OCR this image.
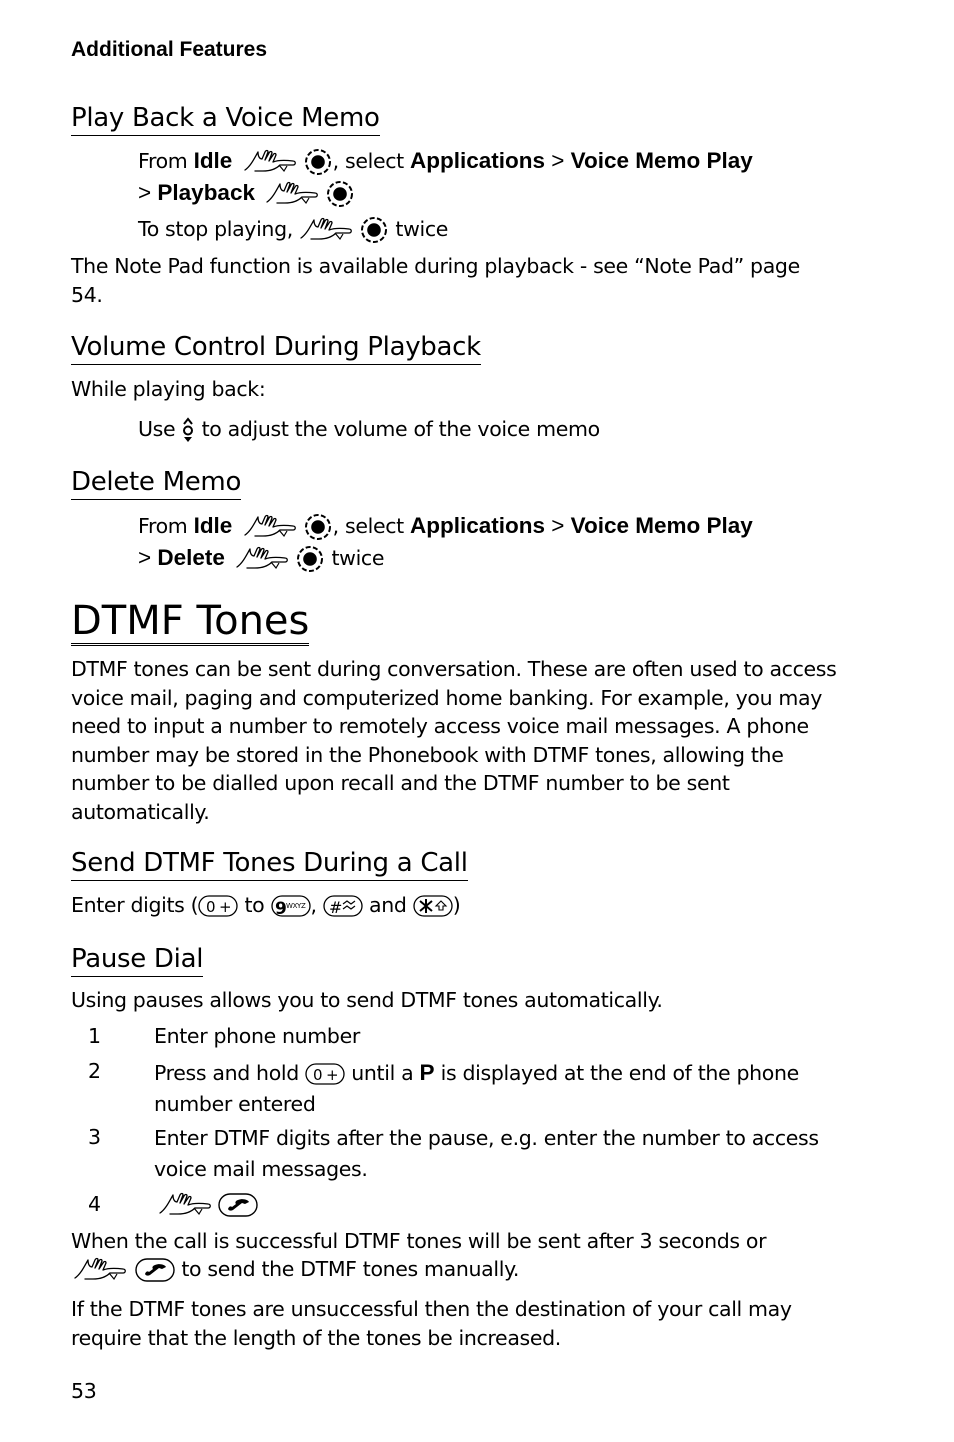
Additional Features
Play Back a Voice Memo
From Idle	, select Applications > Voice Memo Play
> Playback
To stop playing,	twice
The Note Pad function is available during playback - see “Note Pad” page 54.
Volume Control During Playback
While playing back:
Use  to adjust the volume of the voice memo
Delete Memo
From Idle	, select Applications > Voice Memo Play
> Delete	twice
DTMF Tones
DTMF tones can be sent during conversation. These are often used to access voice mail, paging and computerized home banking. For example, you may need to input a number to remotely access voice mail messages. A phone number may be stored in the Phonebook with DTMF tones, allowing the number to be dialled upon recall and the DTMF number to be sent automatically.
Send DTMF Tones During a Call
Enter digits ( to ,  and )
Pause Dial
Using pauses allows you to send DTMF tones automatically.
1	Enter phone number
2	Press and hold  until a P is displayed at the end of the phone number entered
3	Enter DTMF digits after the pause, e.g. enter the number to access voice mail messages.
4

When the call is successful DTMF tones will be sent after 3 seconds or
to send the DTMF tones manually.
If the DTMF tones are unsuccessful then the destination of your call may require that the length of the tones be increased.
53
